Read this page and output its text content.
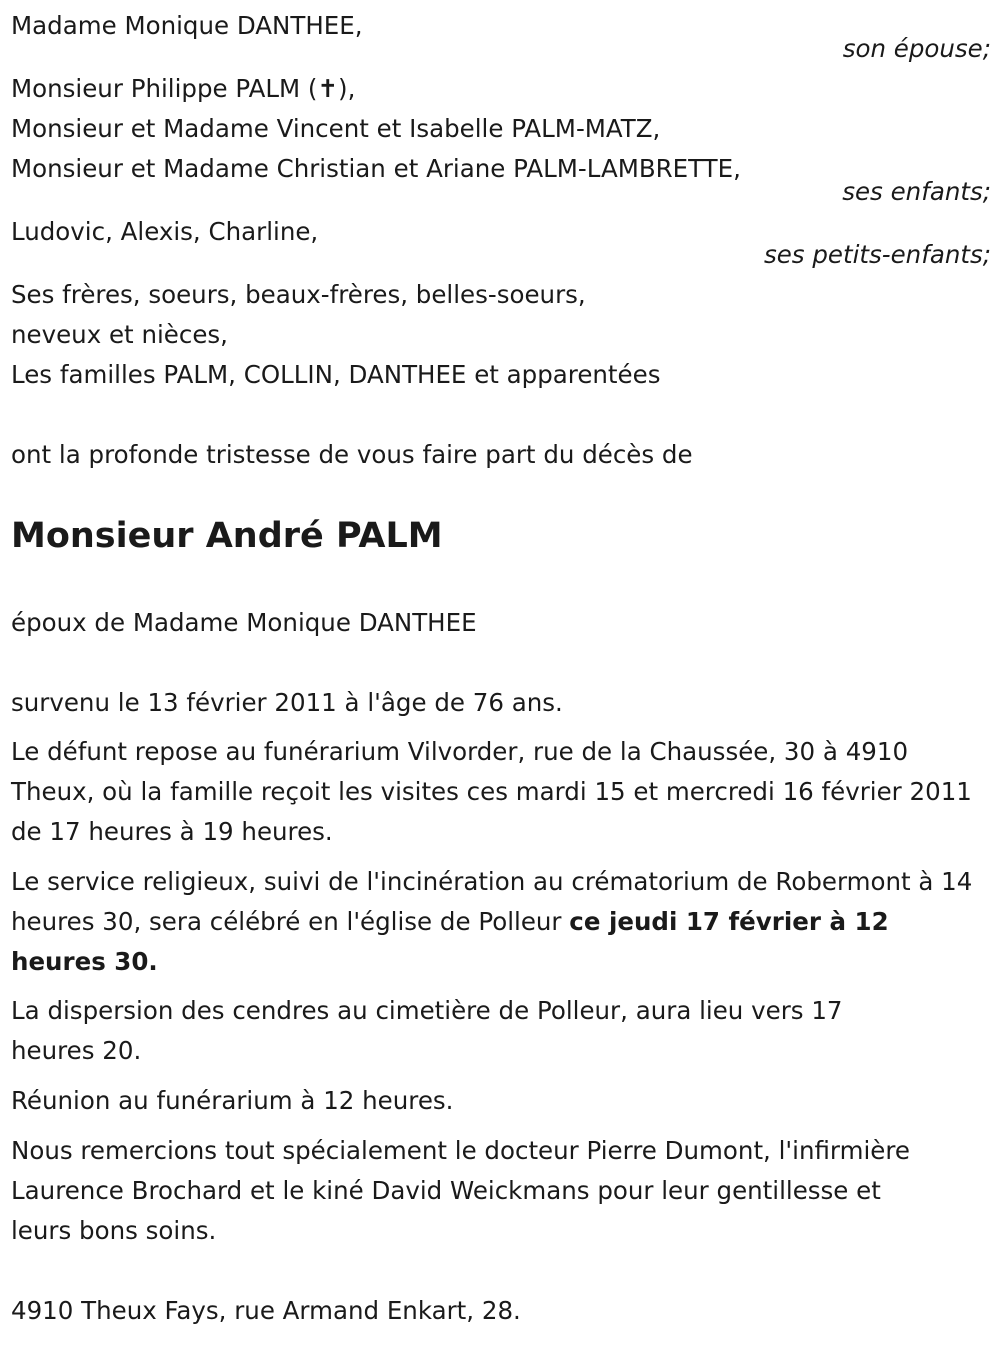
Madame Monique DANTHEE,
son épouse;
Monsieur Philippe PALM (✝),
Monsieur et Madame Vincent et Isabelle PALM-MATZ,
Monsieur et Madame Christian et Ariane PALM-LAMBRETTE,
ses enfants;
Ludovic, Alexis, Charline,
ses petits-enfants;
Ses frères, soeurs, beaux-frères, belles-soeurs,
neveux et nièces,
Les familles PALM, COLLIN, DANTHEE et apparentées
ont la profonde tristesse de vous faire part du décès de
Monsieur André PALM
époux de Madame Monique DANTHEE
survenu le 13 février 2011 à l'âge de 76 ans.
Le défunt repose au funérarium Vilvorder, rue de la Chaussée, 30 à 4910 Theux, où la famille reçoit les visites ces mardi 15 et mercredi 16 février 2011 de 17 heures à 19 heures.
Le service religieux, suivi de l'incinération au crématorium de Robermont à 14 heures 30, sera célébré en l'église de Polleur ce jeudi 17 février à 12 heures 30.
La dispersion des cendres au cimetière de Polleur, aura lieu vers 17 heures 20.
Réunion au funérarium à 12 heures.
Nous remercions tout spécialement le docteur Pierre Dumont, l'infirmière Laurence Brochard et le kiné David Weickmans pour leur gentillesse et leurs bons soins.
4910 Theux Fays, rue Armand Enkart, 28.
